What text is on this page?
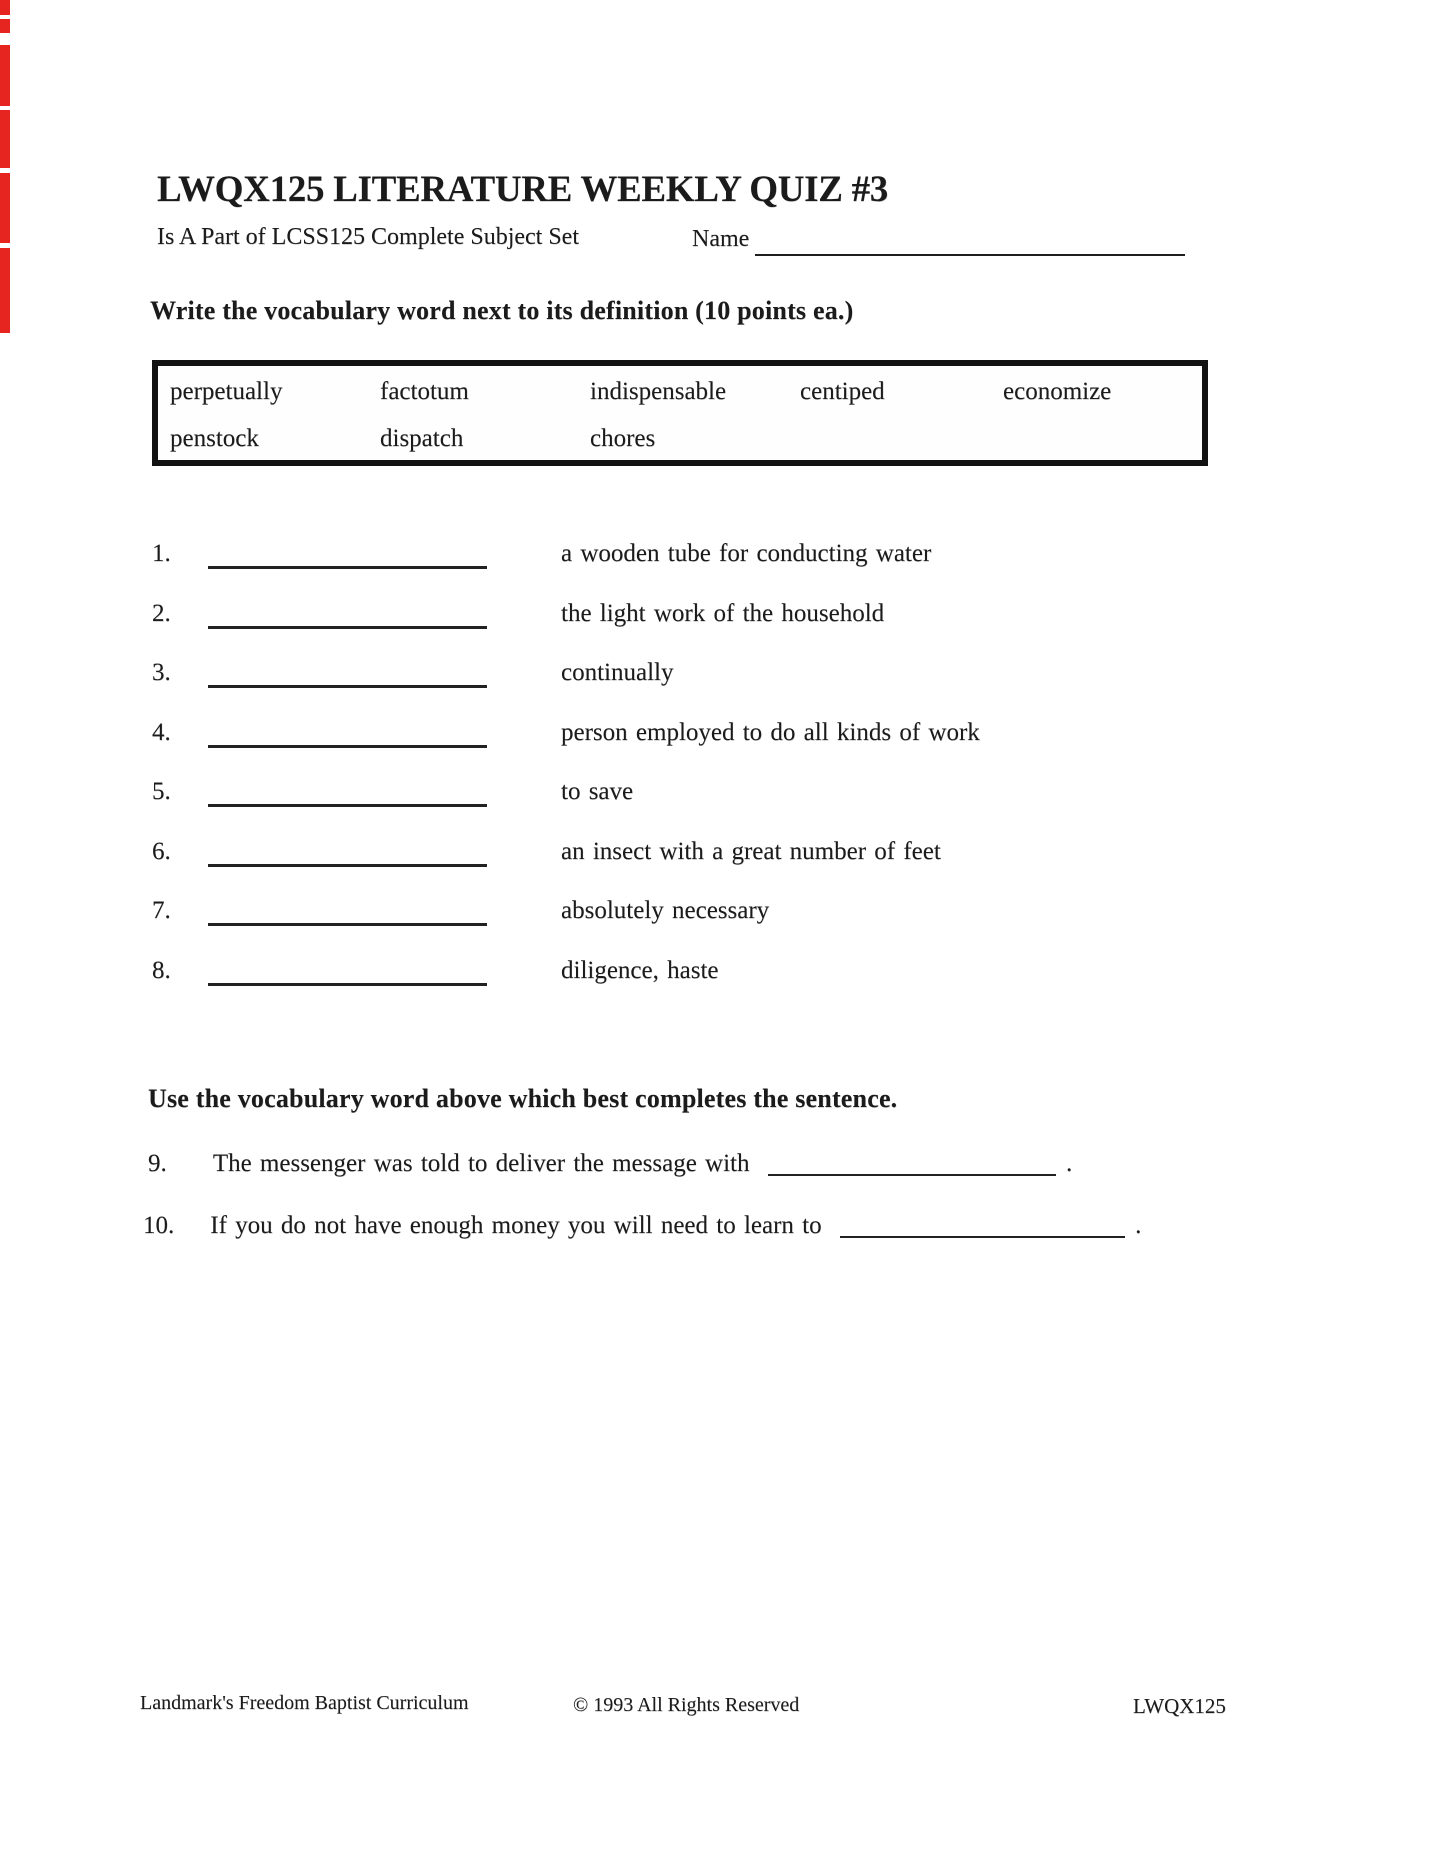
LWQX125 LITERATURE WEEKLY QUIZ #3
Is A Part of LCSS125 Complete Subject Set	Name
Write the vocabulary word next to its definition (10 points ea.)
perpetually	factotum	indispensable	centiped	economize
penstock	dispatch	chores
1.	a wooden tube for conducting water
2.	the light work of the household
3.	continually
4.	person employed to do all kinds of work
5.	to save
6.	an insect with a great number of feet
7.	absolutely necessary
8.	diligence, haste
Use the vocabulary word above which best completes the sentence.
9. The messenger was told to deliver the message with	.
10. If you do not have enough money you will need to learn to	.
Landmark's Freedom Baptist Curriculum	© 1993 All Rights Reserved	LWQX125
